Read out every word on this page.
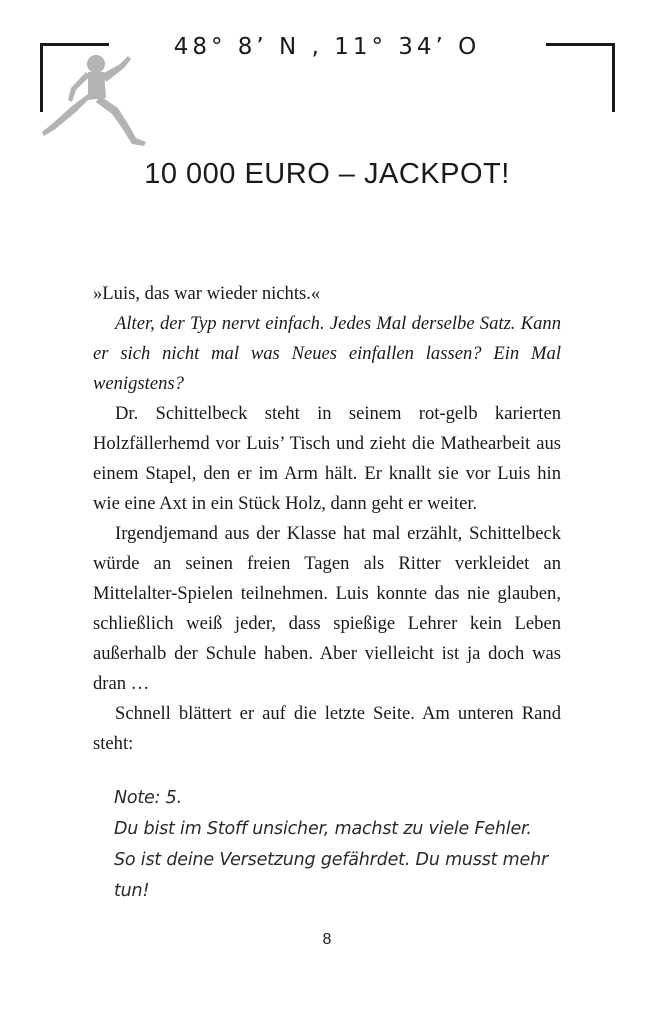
48° 8’ N , 11° 34’ O
10 000 EURO – JACKPOT!

»Luis, das war wieder nichts.«

Alter, der Typ nervt einfach. Jedes Mal derselbe Satz. Kann er sich nicht mal was Neues einfallen lassen? Ein Mal wenigstens?

Dr. Schittelbeck steht in seinem rot-gelb karierten Holzfällerhemd vor Luis’ Tisch und zieht die Mathearbeit aus einem Stapel, den er im Arm hält. Er knallt sie vor Luis hin wie eine Axt in ein Stück Holz, dann geht er weiter.

Irgendjemand aus der Klasse hat mal erzählt, Schittelbeck würde an seinen freien Tagen als Ritter verkleidet an Mittelalter-Spielen teilnehmen. Luis konnte das nie glauben, schließlich weiß jeder, dass spießige Lehrer kein Leben außerhalb der Schule haben. Aber vielleicht ist ja doch was dran …

Schnell blättert er auf die letzte Seite. Am unteren Rand steht:

Note: 5.
Du bist im Stoff unsicher, machst zu viele Fehler.
So ist deine Versetzung gefährdet. Du musst mehr
tun!
8
